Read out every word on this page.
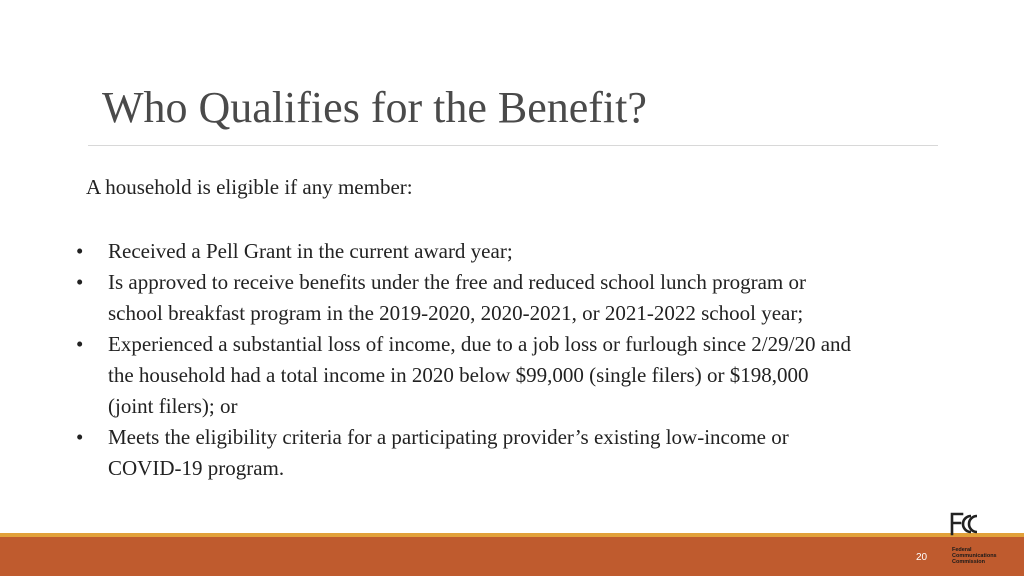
Who Qualifies for the Benefit?
A household is eligible if any member:
•	Received a Pell Grant in the current award year;
•	Is approved to receive benefits under the free and reduced school lunch program or school breakfast program in the 2019-2020, 2020-2021, or 2021-2022 school year;
•	Experienced a substantial loss of income, due to a job loss or furlough since 2/29/20 and the household had a total income in 2020 below $99,000 (single filers) or $198,000 (joint filers); or
•	Meets the eligibility criteria for a participating provider’s existing low-income or COVID-19 program.
20
Federal
Communications
Commission
